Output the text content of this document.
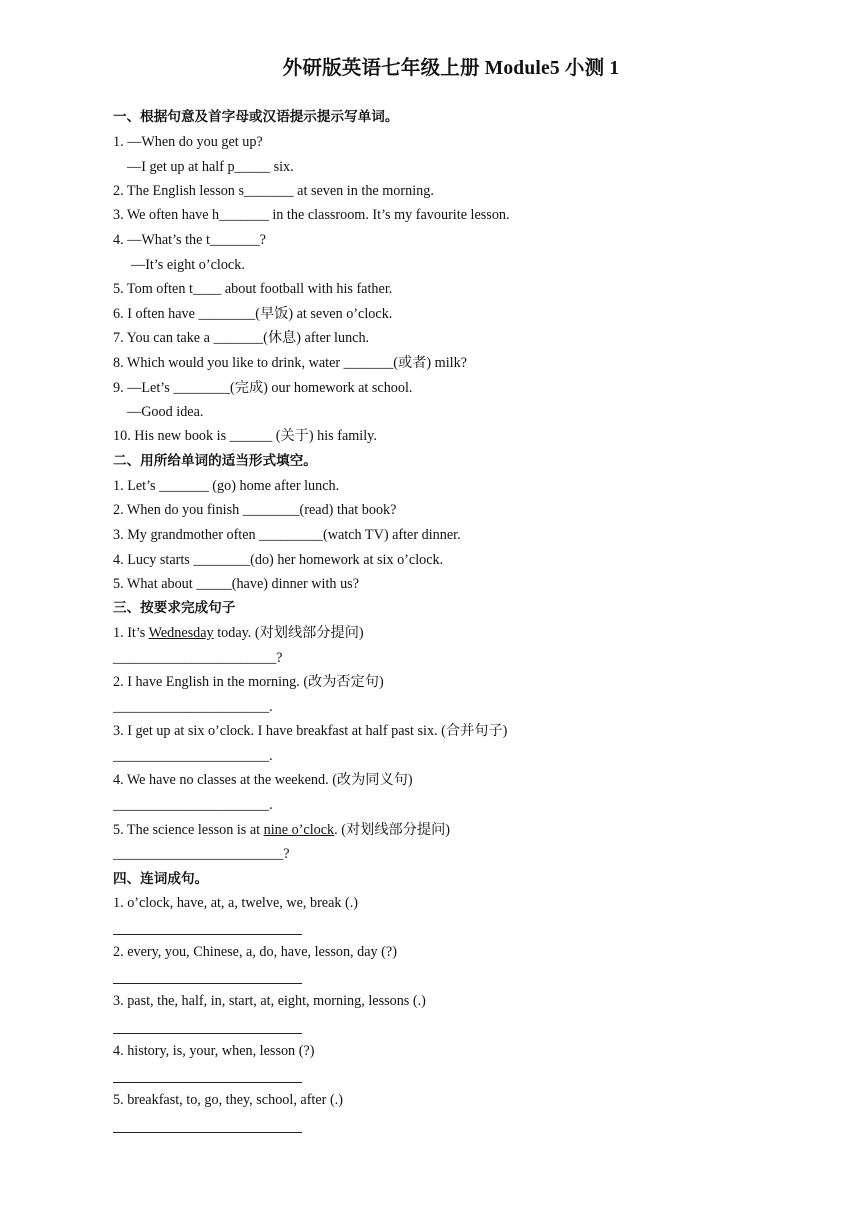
外研版英语七年级上册 Module5 小测 1
一、根据句意及首字母或汉语提示提示写单词。
1. —When do you get up?
—I get up at half p_____ six.
2. The English lesson s_______ at seven in the morning.
3. We often have h_______ in the classroom. It’s my favourite lesson.
4. —What’s the t_______?
—It’s eight o’clock.
5. Tom often t____ about football with his father.
6. I often have ________(早饭) at seven o’clock.
7. You can take a _______(休息) after lunch.
8. Which would you like to drink, water _______(或者) milk?
9. —Let’s ________(完成) our homework at school.
—Good idea.
10. His new book is ______ (关于) his family.
二、用所给单词的适当形式填空。
1. Let’s _______ (go) home after lunch.
2. When do you finish ________(read) that book?
3. My grandmother often _________(watch TV) after dinner.
4. Lucy starts ________(do) her homework at six o’clock.
5. What about _____(have) dinner with us?
三、按要求完成句子
1. It’s Wednesday today. (对划线部分提问)
_______________________?
2. I have English in the morning. (改为否定句)
______________________.
3. I get up at six o’clock. I have breakfast at half past six. (合并句子)
______________________.
4. We have no classes at the weekend. (改为同义句)
______________________.
5. The science lesson is at nine o’clock. (对划线部分提问)
________________________?
四、连词成句。
1. o’clock, have, at, a, twelve, we, break (.)
2. every, you, Chinese, a, do, have, lesson, day (?)
3. past, the, half, in, start, at, eight, morning, lessons (.)
4. history, is, your, when, lesson (?)
5. breakfast, to, go, they, school, after (.)
